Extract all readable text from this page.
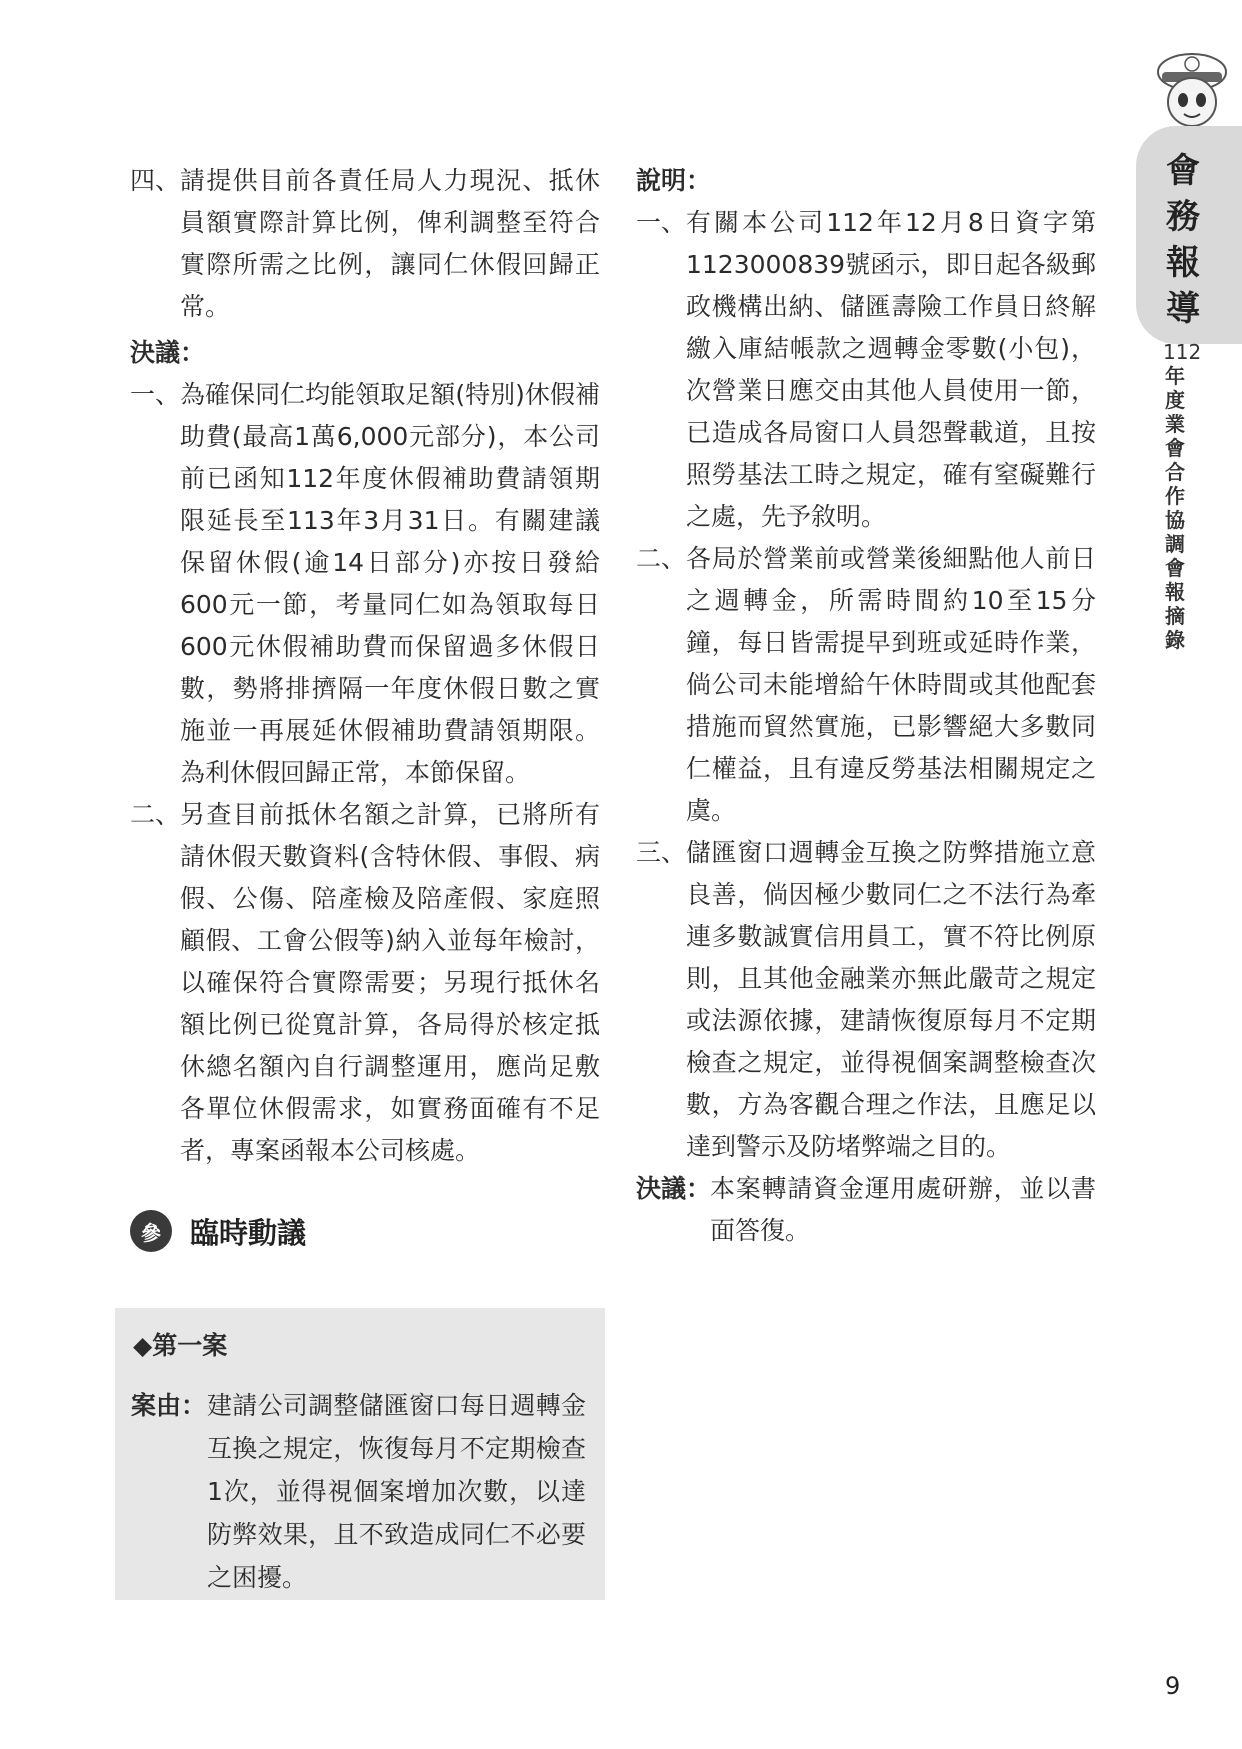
四、 請提供目前各責任局人力現況、抵休員額實際計算比例，俾利調整至符合實際所需之比例，讓同仁休假回歸正常。
決議：
一、 為確保同仁均能領取足額(特別)休假補助費(最高1萬6,000元部分)，本公司前已函知112年度休假補助費請領期限延長至113年3月31日。有關建議保留休假(逾14日部分)亦按日發給600元一節，考量同仁如為領取每日600元休假補助費而保留過多休假日數，勢將排擠隔一年度休假日數之實施並一再展延休假補助費請領期限。為利休假回歸正常，本節保留。
二、 另查目前抵休名額之計算，已將所有請休假天數資料(含特休假、事假、病假、公傷、陪產檢及陪產假、家庭照顧假、工會公假等)納入並每年檢討，以確保符合實際需要；另現行抵休名額比例已從寬計算，各局得於核定抵休總名額內自行調整運用，應尚足敷各單位休假需求，如實務面確有不足者，專案函報本公司核處。
參	臨時動議
◆第一案
案由： 建請公司調整儲匯窗口每日週轉金互換之規定，恢復每月不定期檢查1次，並得視個案增加次數，以達防弊效果，且不致造成同仁不必要之困擾。
說明：
一、 有關本公司112年12月8日資字第1123000839號函示，即日起各級郵政機構出納、儲匯壽險工作員日終解繳入庫結帳款之週轉金零數(小包)，次營業日應交由其他人員使用一節，已造成各局窗口人員怨聲載道，且按照勞基法工時之規定，確有窒礙難行之處，先予敘明。
二、 各局於營業前或營業後細點他人前日之週轉金，所需時間約10至15分鐘，每日皆需提早到班或延時作業，倘公司未能增給午休時間或其他配套措施而貿然實施，已影響絕大多數同仁權益，且有違反勞基法相關規定之虞。
三、 儲匯窗口週轉金互換之防弊措施立意良善，倘因極少數同仁之不法行為牽連多數誠實信用員工，實不符比例原則，且其他金融業亦無此嚴苛之規定或法源依據，建請恢復原每月不定期檢查之規定，並得視個案調整檢查次數，方為客觀合理之作法，且應足以達到警示及防堵弊端之目的。
決議：
本案轉請資金運用處研辦，並以書面答復。
會務報導
112
年度業會合作協調會報摘錄
9
